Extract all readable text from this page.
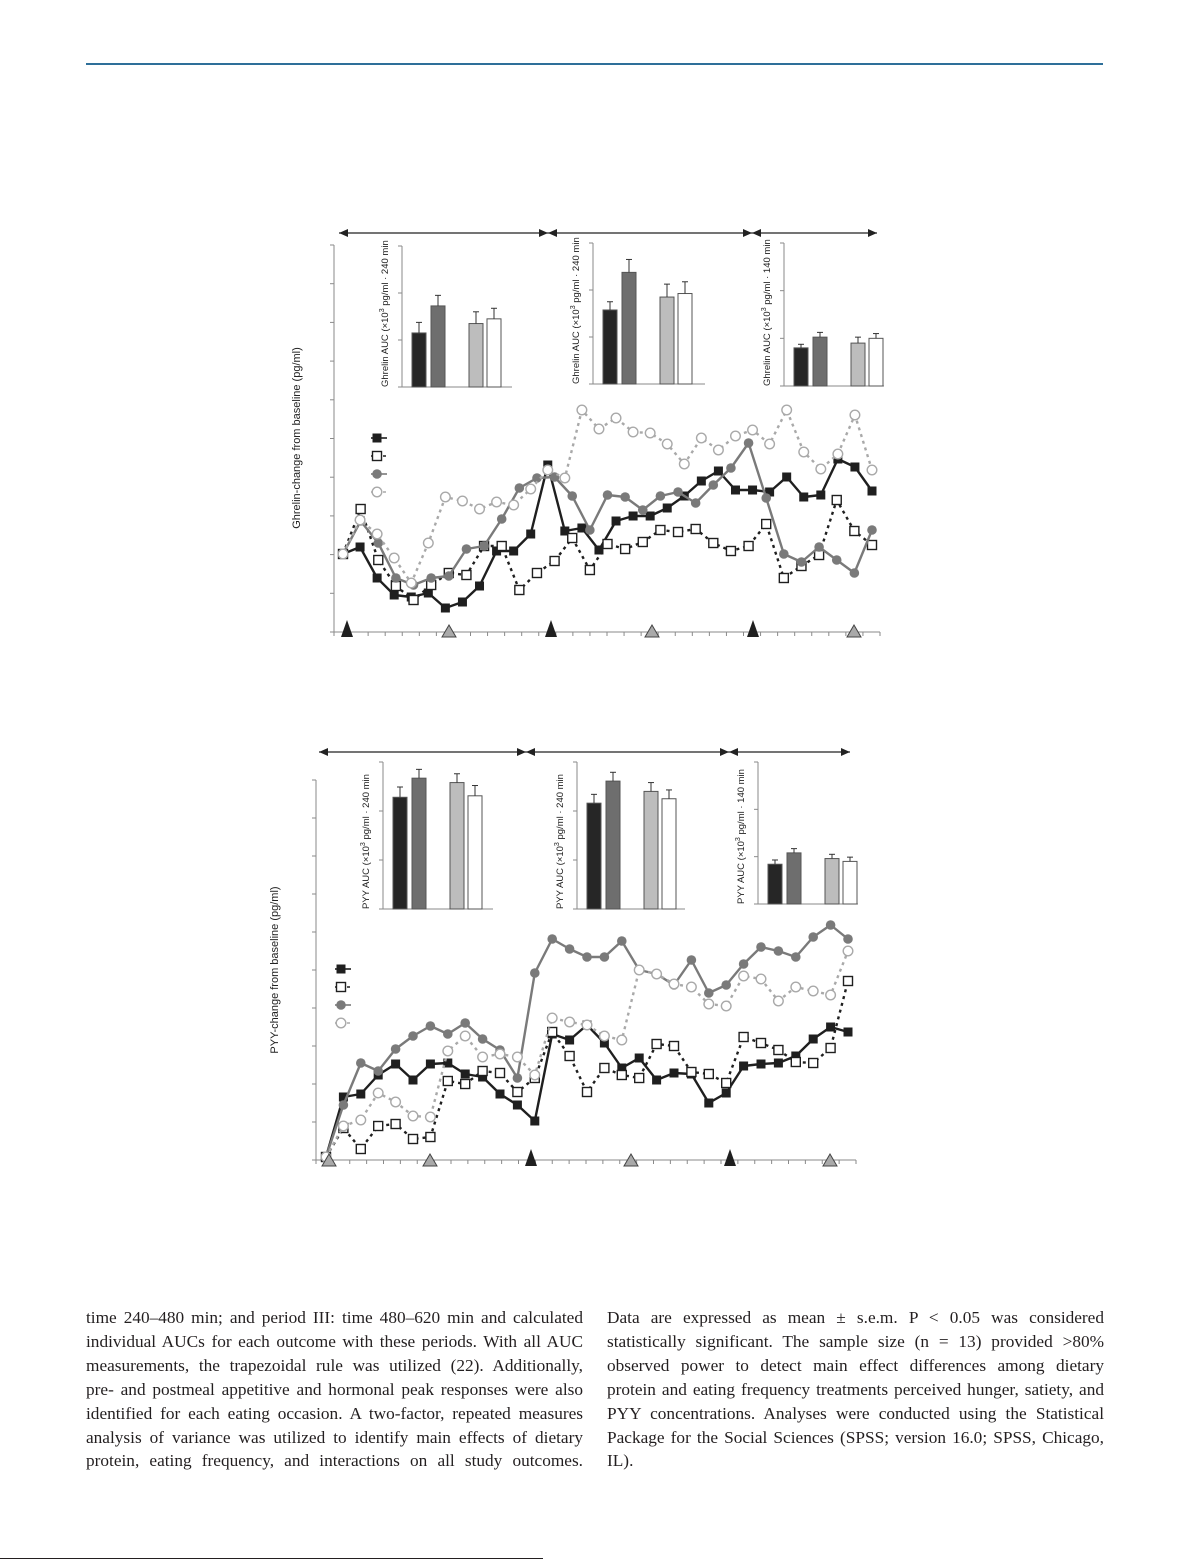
Ghrelin-change from baseline (pg/ml)	Ghrelin AUC ($\times 10^3$ pg/ml · 240 min
Ghrelin AUC ($\times 10^3$ pg/ml · 240 min
Ghrelin AUC ($\times 10^3$ pg/ml · 140 min
PYY-change from baseline (pg/ml)
PYY AUC ($\times 10^3$ pg/ml · 240 min
PYY AUC ($\times 10^3$ pg/ml · 240 min
PYY AUC ($\times 10^3$ pg/ml · 140 min

time 240–480 min; and period III: time 480–620 min and calculated

individual AUCs for each outcome with these periods. With all AUC

measurements, the trapezoidal rule was utilized (22). Additionally,

pre- and postmeal appetitive and hormonal peak responses were also

identified for each eating occasion. A two-factor, repeated measures

analysis of variance was utilized to identify main effects of dietary

protein, eating frequency, and interactions on all study outcomes.

Data are expressed as mean ± s.e.m. P < 0.05 was considered

statistically significant. The sample size (n = 13) provided >80%

observed power to detect main effect differences among dietary

protein and eating frequency treatments perceived hunger, satiety, and

PYY concentrations. Analyses were conducted using the Statistical

Package for the Social Sciences (SPSS; version 16.0; SPSS, Chicago, IL).
